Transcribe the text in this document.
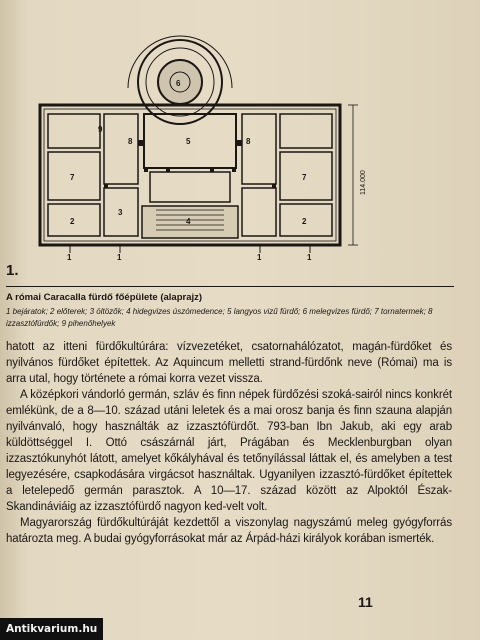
114.000
6
5
4
8	8
7	7
3
2	2
9
1	1	1	1
1.
A római Caracalla fürdő főépülete (alaprajz)
1 bejáratok; 2 előterek; 3 öltözők; 4 hidegvizes úszómedence; 5 langyos vizű fürdő; 6 melegvizes fürdő; 7 tornatermek; 8 izzasztófürdők; 9 pihenőhelyek

hatott az itteni fürdőkultúrára: vízvezetéket, csatornahálózatot, magán-fürdőket és nyilvános fürdőket építettek. Az Aquincum melletti strand-fürdőnk neve (Római) ma is arra utal, hogy története a római korra vezet vissza.

A középkori vándorló germán, szláv és finn népek fürdőzési szoká-sairól nincs konkrét emlékünk, de a 8—10. század utáni leletek és a mai orosz banja és finn szauna alapján nyilvánvaló, hogy használták az izzasztófürdőt. 793-ban Ibn Jakub, aki egy arab küldöttséggel I. Ottó császárnál járt, Prágában és Mecklenburgban olyan izzasztókunyhót látott, amelyet kőkályhával és tetőnyílással láttak el, és amelyben a test legyezésére, csapkodására virgácsot használtak. Ugyanilyen izzasztó-fürdőket építettek a letelepedő germán parasztok. A 10—17. század között az Alpoktól Észak-Skandináviáig az izzasztófürdő nagyon ked-velt volt.

Magyarország fürdőkultúráját kezdettől a viszonylag nagyszámú meleg gyógyforrás határozta meg. A budai gyógyforrásokat már az Árpád-házi királyok korában ismerték.

11
Antikvarium.hu
